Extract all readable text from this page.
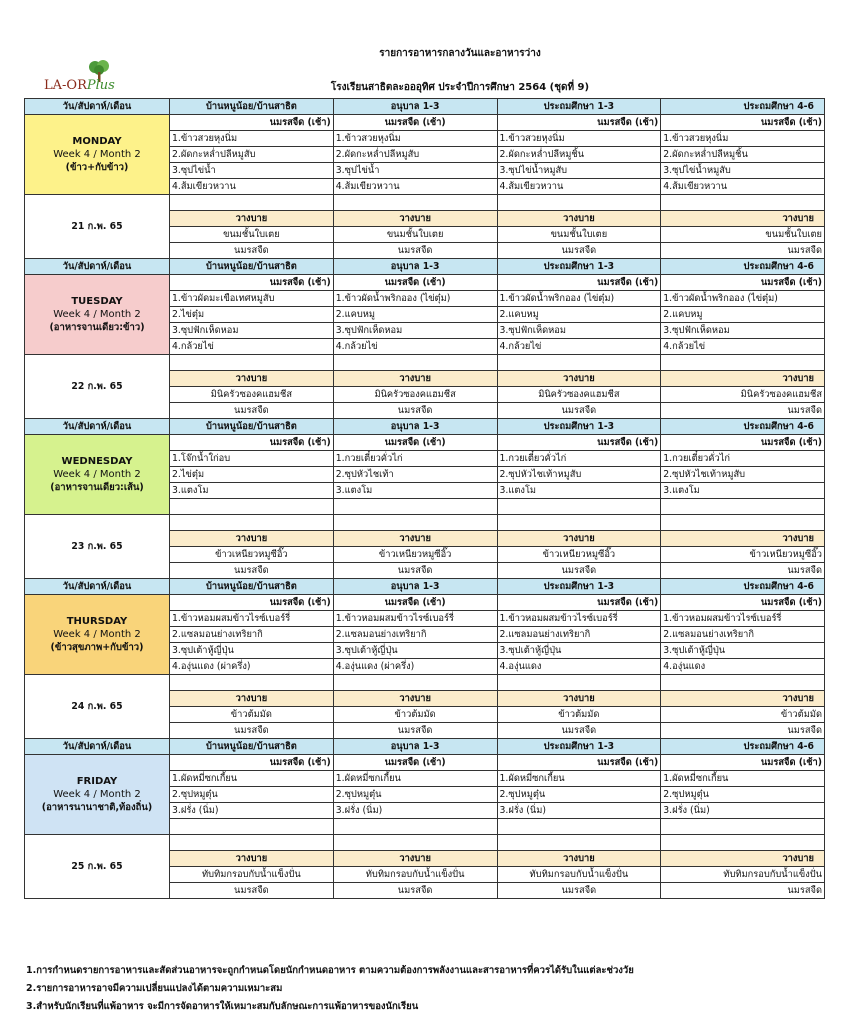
LA-ORPlus
รายการอาหารกลางวันและอาหารว่าง
โรงเรียนสาธิตละอออุทิศ ประจำปีการศึกษา 2564 (ชุดที่ 9)
วัน/สัปดาห์/เดือน	บ้านหนูน้อย/บ้านสาธิต	อนุบาล 1-3	ประถมศึกษา 1-3	ประถมศึกษา 4-6

MONDAY
Week 4 / Month 2
(ข้าว+กับข้าว)	นมรสจืด (เช้า)	นมรสจืด (เช้า)	นมรสจืด (เช้า)	นมรสจืด (เช้า)
	1.ข้าวสวยหุงนิ่ม	1.ข้าวสวยหุงนิ่ม	1.ข้าวสวยหุงนิ่ม	1.ข้าวสวยหุงนิ่ม
	2.ผัดกะหล่ำปลีหมูสับ	2.ผัดกะหล่ำปลีหมูสับ	2.ผัดกะหล่ำปลีหมูชิ้น	2.ผัดกะหล่ำปลีหมูชิ้น
	3.ซุปไข่น้ำ	3.ซุปไข่น้ำ	3.ซุปไข่น้ำหมูสับ	3.ซุปไข่น้ำหมูสับ
	4.ส้มเขียวหวาน	4.ส้มเขียวหวาน	4.ส้มเขียวหวาน	4.ส้มเขียวหวาน
21 ก.พ. 65				
	วางบาย	วางบาย	วางบาย	วางบาย
	ขนมชั้นใบเตย	ขนมชั้นใบเตย	ขนมชั้นใบเตย	ขนมชั้นใบเตย
	นมรสจืด	นมรสจืด	นมรสจืด	นมรสจืด
วัน/สัปดาห์/เดือน	บ้านหนูน้อย/บ้านสาธิต	อนุบาล 1-3	ประถมศึกษา 1-3	ประถมศึกษา 4-6

TUESDAY
Week 4 / Month 2
(อาหารจานเดียว:ข้าว)	นมรสจืด (เช้า)	นมรสจืด (เช้า)	นมรสจืด (เช้า)	นมรสจืด (เช้า)
	1.ข้าวผัดมะเขือเทศหมูสับ	1.ข้าวผัดน้ำพริกออง (ไข่ตุ๋ม)	1.ข้าวผัดน้ำพริกออง (ไข่ตุ๋ม)	1.ข้าวผัดน้ำพริกออง (ไข่ตุ๋ม)
	2.ไข่ตุ๋ม	2.แคบหมู	2.แคบหมู	2.แคบหมู
	3.ซุปฟักเห็ดหอม	3.ซุปฟักเห็ดหอม	3.ซุปฟักเห็ดหอม	3.ซุปฟักเห็ดหอม
	4.กล้วยไข่	4.กล้วยไข่	4.กล้วยไข่	4.กล้วยไข่
22 ก.พ. 65				
	วางบาย	วางบาย	วางบาย	วางบาย
	มินิครัวซองคแฮมชีส	มินิครัวซองคแฮมชีส	มินิครัวซองคแฮมชีส	มินิครัวซองคแฮมชีส
	นมรสจืด	นมรสจืด	นมรสจืด	นมรสจืด
วัน/สัปดาห์/เดือน	บ้านหนูน้อย/บ้านสาธิต	อนุบาล 1-3	ประถมศึกษา 1-3	ประถมศึกษา 4-6

WEDNESDAY
Week 4 / Month 2
(อาหารจานเดียว:เส้น)	นมรสจืด (เช้า)	นมรสจืด (เช้า)	นมรสจืด (เช้า)	นมรสจืด (เช้า)
	1.โจ๊กน้ำใก่อบ	1.กวยเตี๋ยวคั่วไก่	1.กวยเตี๋ยวคั่วไก่	1.กวยเตี๋ยวคั่วไก่
	2.ไข่ตุ๋ม	2.ซุปหัวไชเท้า	2.ซุปหัวไชเท้าหมูสับ	2.ซุปหัวไชเท้าหมูสับ
	3.แตงโม	3.แตงโม	3.แตงโม	3.แตงโม

23 ก.พ. 65				
	วางบาย	วางบาย	วางบาย	วางบาย
	ข้าวเหนียวหมูซีอิ๊ว	ข้าวเหนียวหมูซีอิ๊ว	ข้าวเหนียวหมูซีอิ๊ว	ข้าวเหนียวหมูซีอิ๊ว
	นมรสจืด	นมรสจืด	นมรสจืด	นมรสจืด
วัน/สัปดาห์/เดือน	บ้านหนูน้อย/บ้านสาธิต	อนุบาล 1-3	ประถมศึกษา 1-3	ประถมศึกษา 4-6

THURSDAY
Week 4 / Month 2
(ข้าวสุขภาพ+กับข้าว)	นมรสจืด (เช้า)	นมรสจืด (เช้า)	นมรสจืด (เช้า)	นมรสจืด (เช้า)
	1.ข้าวหอมผสมข้าวไรซ์เบอร์รี่	1.ข้าวหอมผสมข้าวไรซ์เบอร์รี่	1.ข้าวหอมผสมข้าวไรซ์เบอร์รี่	1.ข้าวหอมผสมข้าวไรซ์เบอร์รี่
	2.แซลมอนย่างเทริยากิ	2.แซลมอนย่างเทริยากิ	2.แซลมอนย่างเทริยากิ	2.แซลมอนย่างเทริยากิ
	3.ซุปเต้าหู้ญี่ปุ่น	3.ซุปเต้าหู้ญี่ปุ่น	3.ซุปเต้าหู้ญี่ปุ่น	3.ซุปเต้าหู้ญี่ปุ่น
	4.องุ่นแดง (ผ่าครึ่ง)	4.องุ่นแดง (ผ่าครึ่ง)	4.องุ่นแดง	4.องุ่นแดง
24 ก.พ. 65				
	วางบาย	วางบาย	วางบาย	วางบาย
	ข้าวต้มมัด	ข้าวต้มมัด	ข้าวต้มมัด	ข้าวต้มมัด
	นมรสจืด	นมรสจืด	นมรสจืด	นมรสจืด
วัน/สัปดาห์/เดือน	บ้านหนูน้อย/บ้านสาธิต	อนุบาล 1-3	ประถมศึกษา 1-3	ประถมศึกษา 4-6

FRIDAY
Week 4 / Month 2
(อาหารนานาชาติ,ท้องถิ่น)	นมรสจืด (เช้า)	นมรสจืด (เช้า)	นมรสจืด (เช้า)	นมรสจืด (เช้า)
	1.ผัดหมี่ซกเกี้ยน	1.ผัดหมี่ซกเกี้ยน	1.ผัดหมี่ซกเกี้ยน	1.ผัดหมี่ซกเกี้ยน
	2.ซุปหมูตุ๋น	2.ซุปหมูตุ๋น	2.ซุปหมูตุ๋น	2.ซุปหมูตุ๋น
	3.ฝรั่ง (นิ่ม)	3.ฝรั่ง (นิ่ม)	3.ฝรั่ง (นิ่ม)	3.ฝรั่ง (นิ่ม)

25 ก.พ. 65				
	วางบาย	วางบาย	วางบาย	วางบาย
	ทับทิมกรอบกับน้ำแข็งปั่น	ทับทิมกรอบกับน้ำแข็งปั่น	ทับทิมกรอบกับน้ำแข็งปั่น	ทับทิมกรอบกับน้ำแข็งปั่น
	นมรสจืด	นมรสจืด	นมรสจืด	นมรสจืด
1.การกำหนดรายการอาหารและสัดส่วนอาหารจะถูกกำหนดโดยนักกำหนดอาหาร ตามความต้องการพลังงานและสารอาหารที่ควรได้รับในแต่ละช่วงวัย
2.รายการอาหารอาจมีความเปลี่ยนแปลงได้ตามความเหมาะสม
3.สำหรับนักเรียนที่แพ้อาหาร จะมีการจัดอาหารให้เหมาะสมกับลักษณะการแพ้อาหารของนักเรียน
